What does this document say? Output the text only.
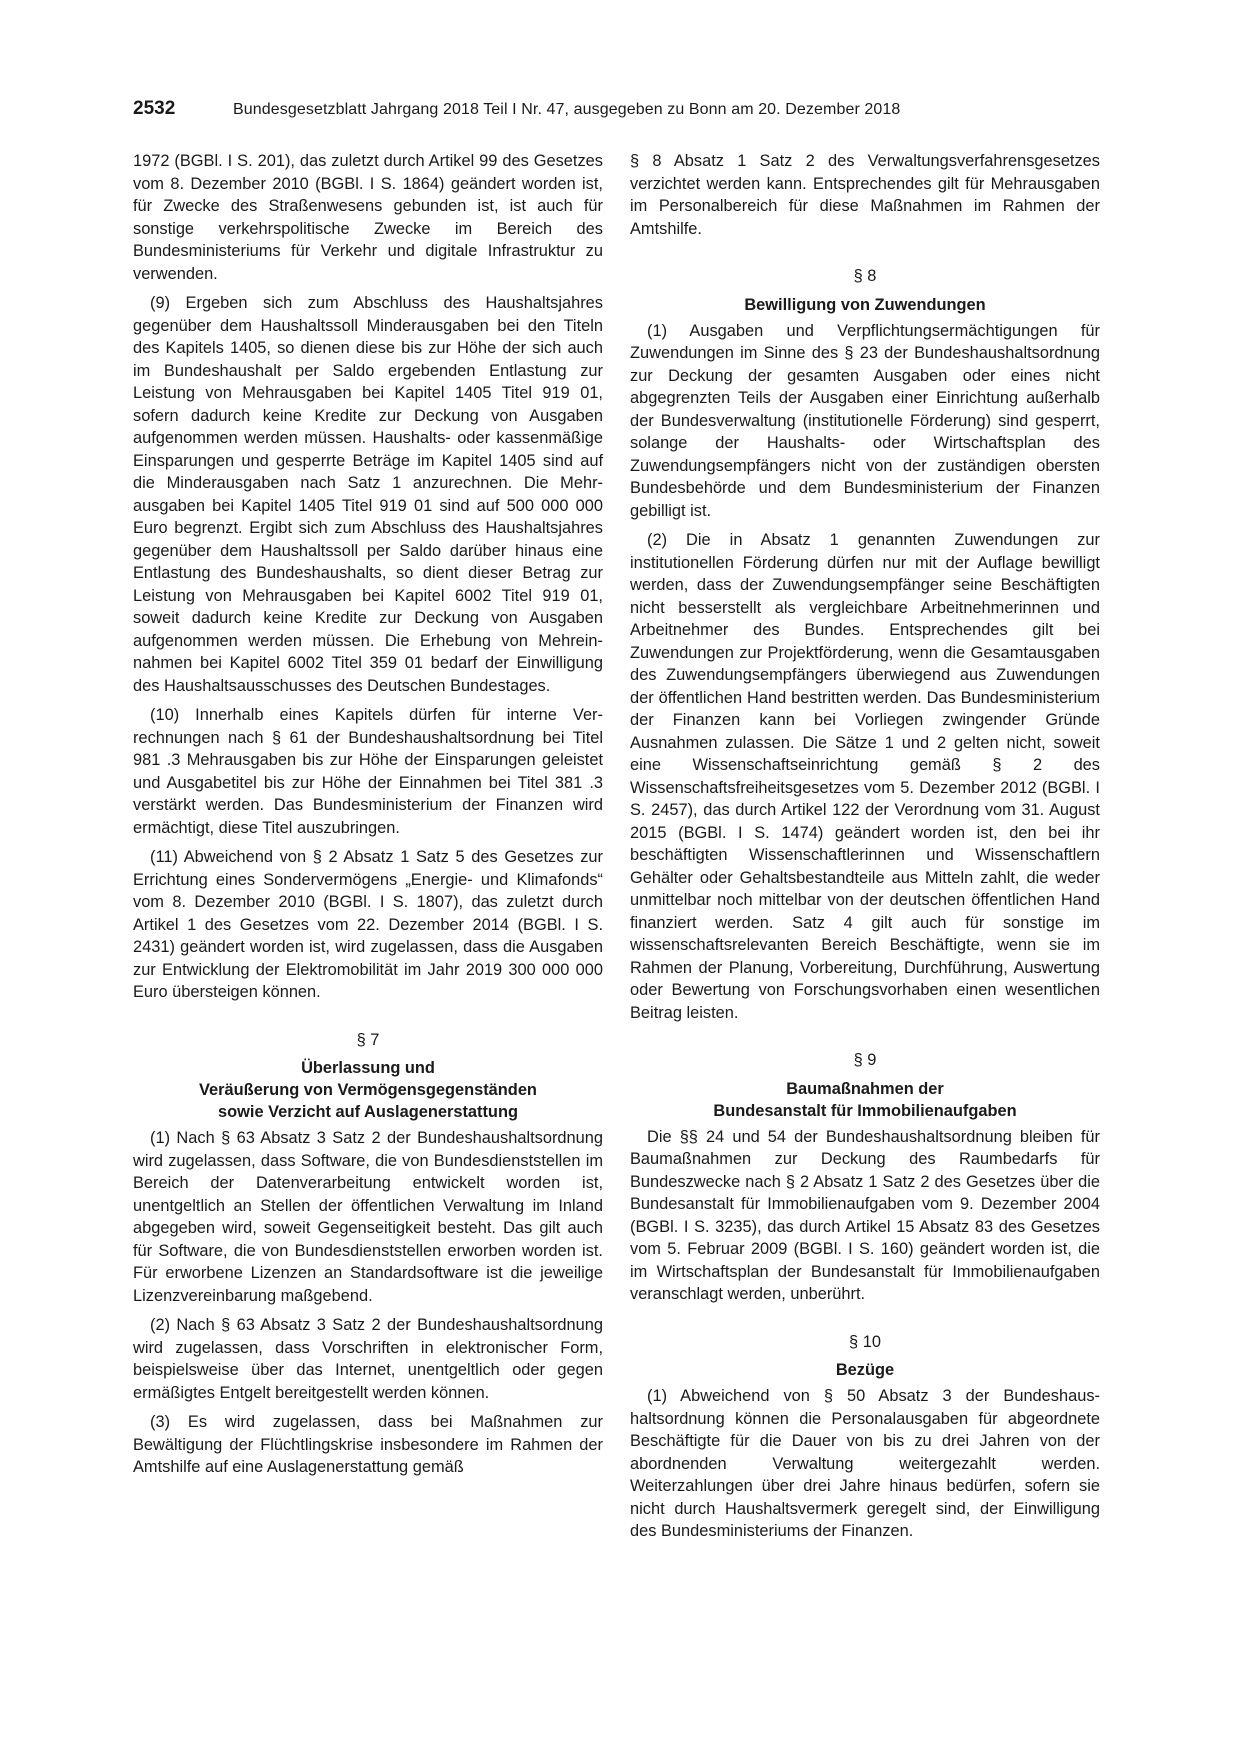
2532	Bundesgesetzblatt Jahrgang 2018 Teil I Nr. 47, ausgegeben zu Bonn am 20. Dezember 2018

1972 (BGBl. I S. 201), das zuletzt durch Artikel 99 des Gesetzes vom 8. Dezember 2010 (BGBl. I S. 1864) geändert worden ist, für Zwecke des Straßenwesens gebunden ist, ist auch für sonstige verkehrspolitische Zwecke im Bereich des Bundesministeriums für Verkehr und digitale Infrastruktur zu verwenden.

(9) Ergeben sich zum Abschluss des Haushaltsjahres gegenüber dem Haushaltssoll Minderausgaben bei den Titeln des Kapitels 1405, so dienen diese bis zur Höhe der sich auch im Bundeshaushalt per Saldo ergebenden Entlastung zur Leistung von Mehrausgaben bei Kapitel 1405 Titel 919 01, sofern dadurch keine Kredite zur Deckung von Ausgaben aufgenommen werden müssen. Haushalts- oder kassenmäßige Einsparungen und gesperrte Beträge im Kapitel 1405 sind auf die Minderausgaben nach Satz 1 anzurechnen. Die Mehrausgaben bei Kapitel 1405 Titel 919 01 sind auf 500 000 000 Euro begrenzt. Ergibt sich zum Abschluss des Haushaltsjahres gegenüber dem Haushaltssoll per Saldo darüber hinaus eine Entlastung des Bundeshaushalts, so dient dieser Betrag zur Leistung von Mehrausgaben bei Kapitel 6002 Titel 919 01, soweit dadurch keine Kredite zur Deckung von Ausgaben aufgenommen werden müssen. Die Erhebung von Mehreinnahmen bei Kapitel 6002 Titel 359 01 bedarf der Einwilligung des Haushaltsausschusses des Deutschen Bundestages.

(10) Innerhalb eines Kapitels dürfen für interne Verrechnungen nach § 61 der Bundeshaushaltsordnung bei Titel 981 .3 Mehrausgaben bis zur Höhe der Einsparungen geleistet und Ausgabetitel bis zur Höhe der Einnahmen bei Titel 381 .3 verstärkt werden. Das Bundesministerium der Finanzen wird ermächtigt, diese Titel auszubringen.

(11) Abweichend von § 2 Absatz 1 Satz 5 des Gesetzes zur Errichtung eines Sondervermögens „Energie- und Klimafonds“ vom 8. Dezember 2010 (BGBl. I S. 1807), das zuletzt durch Artikel 1 des Gesetzes vom 22. Dezember 2014 (BGBl. I S. 2431) geändert worden ist, wird zugelassen, dass die Ausgaben zur Entwicklung der Elektromobilität im Jahr 2019 300 000 000 Euro übersteigen können.

§ 7
Überlassung und
Veräußerung von Vermögensgegenständen
sowie Verzicht auf Auslagenerstattung

(1) Nach § 63 Absatz 3 Satz 2 der Bundeshaushaltsordnung wird zugelassen, dass Software, die von Bundesdienststellen im Bereich der Datenverarbeitung entwickelt worden ist, unentgeltlich an Stellen der öffentlichen Verwaltung im Inland abgegeben wird, soweit Gegenseitigkeit besteht. Das gilt auch für Software, die von Bundesdienststellen erworben worden ist. Für erworbene Lizenzen an Standardsoftware ist die jeweilige Lizenzvereinbarung maßgebend.

(2) Nach § 63 Absatz 3 Satz 2 der Bundeshaushaltsordnung wird zugelassen, dass Vorschriften in elektronischer Form, beispielsweise über das Internet, unentgeltlich oder gegen ermäßigtes Entgelt bereitgestellt werden können.

(3) Es wird zugelassen, dass bei Maßnahmen zur Bewältigung der Flüchtlingskrise insbesondere im Rahmen der Amtshilfe auf eine Auslagenerstattung gemäß

§ 8 Absatz 1 Satz 2 des Verwaltungsverfahrensgesetzes verzichtet werden kann. Entsprechendes gilt für Mehrausgaben im Personalbereich für diese Maßnahmen im Rahmen der Amtshilfe.

§ 8
Bewilligung von Zuwendungen

(1) Ausgaben und Verpflichtungsermächtigungen für Zuwendungen im Sinne des § 23 der Bundeshaushaltsordnung zur Deckung der gesamten Ausgaben oder eines nicht abgegrenzten Teils der Ausgaben einer Einrichtung außerhalb der Bundesverwaltung (institutionelle Förderung) sind gesperrt, solange der Haushalts- oder Wirtschaftsplan des Zuwendungsempfängers nicht von der zuständigen obersten Bundesbehörde und dem Bundesministerium der Finanzen gebilligt ist.

(2) Die in Absatz 1 genannten Zuwendungen zur institutionellen Förderung dürfen nur mit der Auflage bewilligt werden, dass der Zuwendungsempfänger seine Beschäftigten nicht besserstellt als vergleichbare Arbeitnehmerinnen und Arbeitnehmer des Bundes. Entsprechendes gilt bei Zuwendungen zur Projektförderung, wenn die Gesamtausgaben des Zuwendungsempfängers überwiegend aus Zuwendungen der öffentlichen Hand bestritten werden. Das Bundesministerium der Finanzen kann bei Vorliegen zwingender Gründe Ausnahmen zulassen. Die Sätze 1 und 2 gelten nicht, soweit eine Wissenschaftseinrichtung gemäß § 2 des Wissenschaftsfreiheitsgesetzes vom 5. Dezember 2012 (BGBl. I S. 2457), das durch Artikel 122 der Verordnung vom 31. August 2015 (BGBl. I S. 1474) geändert worden ist, den bei ihr beschäftigten Wissenschaftlerinnen und Wissenschaftlern Gehälter oder Gehaltsbestandteile aus Mitteln zahlt, die weder unmittelbar noch mittelbar von der deutschen öffentlichen Hand finanziert werden. Satz 4 gilt auch für sonstige im wissenschaftsrelevanten Bereich Beschäftigte, wenn sie im Rahmen der Planung, Vorbereitung, Durchführung, Auswertung oder Bewertung von Forschungsvorhaben einen wesentlichen Beitrag leisten.

§ 9
Baumaßnahmen der
Bundesanstalt für Immobilienaufgaben

Die §§ 24 und 54 der Bundeshaushaltsordnung bleiben für Baumaßnahmen zur Deckung des Raumbedarfs für Bundeszwecke nach § 2 Absatz 1 Satz 2 des Gesetzes über die Bundesanstalt für Immobilienaufgaben vom 9. Dezember 2004 (BGBl. I S. 3235), das durch Artikel 15 Absatz 83 des Gesetzes vom 5. Februar 2009 (BGBl. I S. 160) geändert worden ist, die im Wirtschaftsplan der Bundesanstalt für Immobilienaufgaben veranschlagt werden, unberührt.

§ 10
Bezüge

(1) Abweichend von § 50 Absatz 3 der Bundeshaushaltsordnung können die Personalausgaben für abgeordnete Beschäftigte für die Dauer von bis zu drei Jahren von der abordnenden Verwaltung weitergezahlt werden. Weiterzahlungen über drei Jahre hinaus bedürfen, sofern sie nicht durch Haushaltsvermerk geregelt sind, der Einwilligung des Bundesministeriums der Finanzen.
